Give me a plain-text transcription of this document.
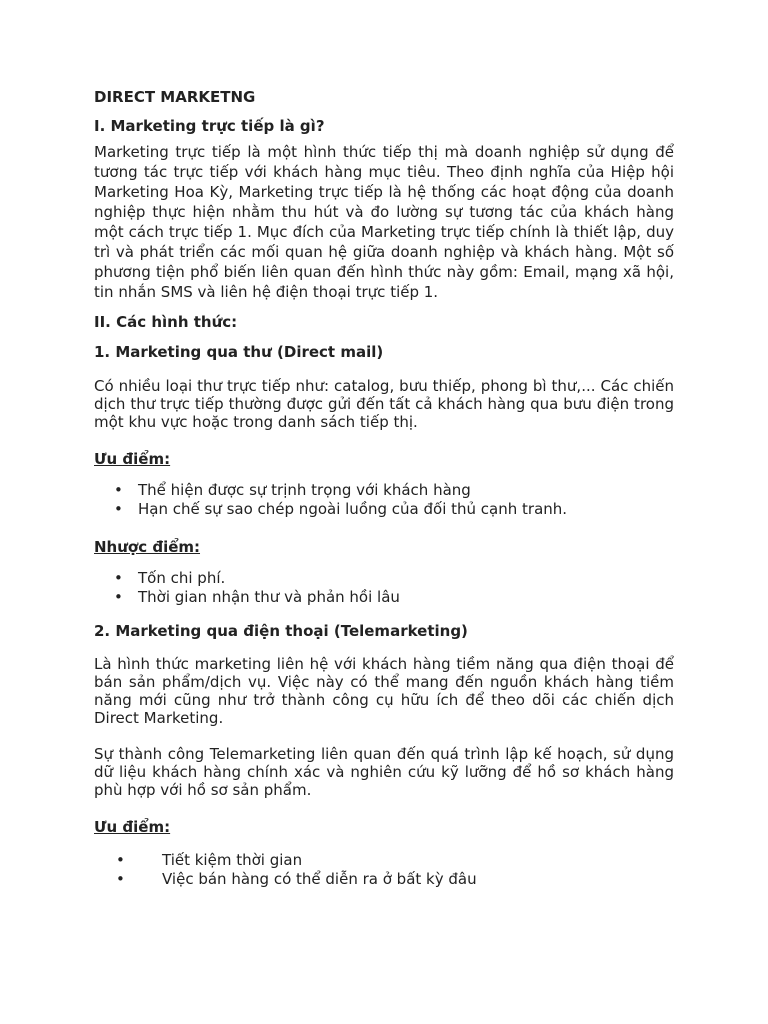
DIRECT MARKETNG
I. Marketing trực tiếp là gì?

Marketing trực tiếp là một hình thức tiếp thị mà doanh nghiệp sử dụng để tương tác trực tiếp với khách hàng mục tiêu. Theo định nghĩa của Hiệp hội Marketing Hoa Kỳ, Marketing trực tiếp là hệ thống các hoạt động của doanh nghiệp thực hiện nhằm thu hút và đo lường sự tương tác của khách hàng một cách trực tiếp 1. Mục đích của Marketing trực tiếp chính là thiết lập, duy trì và phát triển các mối quan hệ giữa doanh nghiệp và khách hàng. Một số phương tiện phổ biến liên quan đến hình thức này gồm: Email, mạng xã hội, tin nhắn SMS và liên hệ điện thoại trực tiếp 1.

II. Các hình thức:
1. Marketing qua thư (Direct mail)

Có nhiều loại thư trực tiếp như: catalog, bưu thiếp, phong bì thư,... Các chiến dịch thư trực tiếp thường được gửi đến tất cả khách hàng qua bưu điện trong một khu vực hoặc trong danh sách tiếp thị.

Ưu điểm:
• Thể hiện được sự trịnh trọng với khách hàng
• Hạn chế sự sao chép ngoài luồng của đối thủ cạnh tranh.
Nhược điểm:
• Tốn chi phí.
• Thời gian nhận thư và phản hồi lâu
2. Marketing qua điện thoại (Telemarketing)

Là hình thức marketing liên hệ với khách hàng tiềm năng qua điện thoại để bán sản phẩm/dịch vụ. Việc này có thể mang đến nguồn khách hàng tiềm năng mới cũng như trở thành công cụ hữu ích để theo dõi các chiến dịch Direct Marketing.

Sự thành công Telemarketing liên quan đến quá trình lập kế hoạch, sử dụng dữ liệu khách hàng chính xác và nghiên cứu kỹ lưỡng để hồ sơ khách hàng phù hợp với hồ sơ sản phẩm.

Ưu điểm:
• Tiết kiệm thời gian
• Việc bán hàng có thể diễn ra ở bất kỳ đâu
